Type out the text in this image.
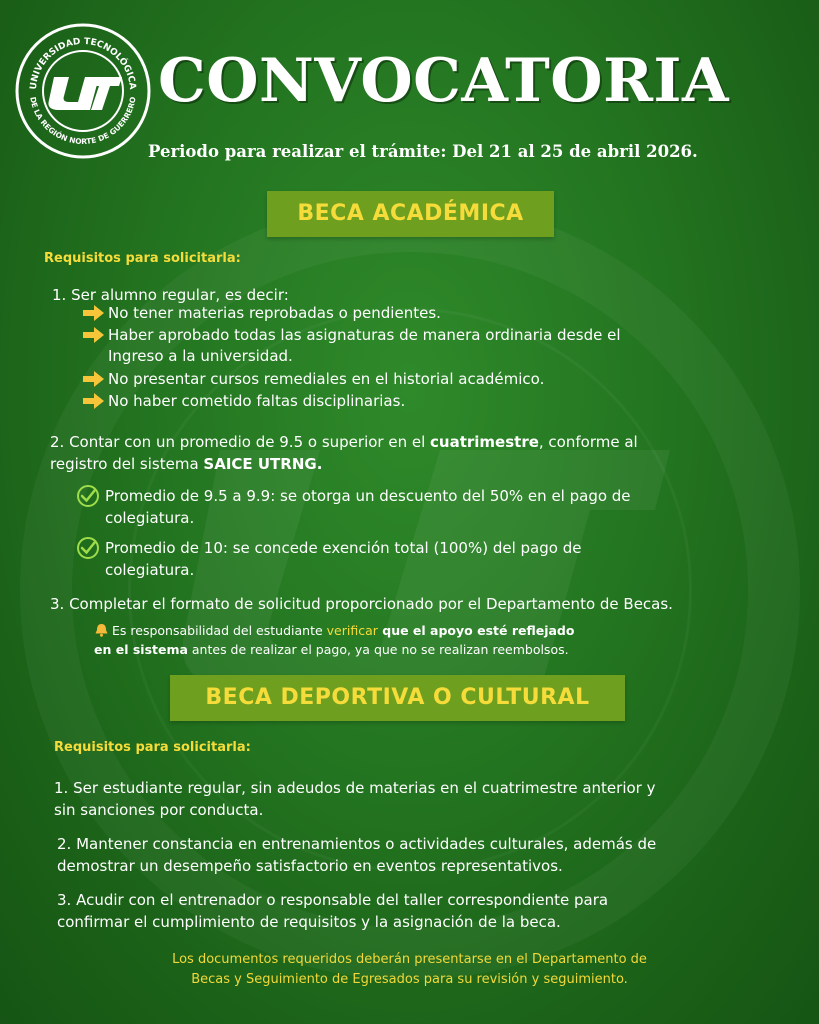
UNIVERSIDAD TECNOLÓGICA
DE LA REGIÓN NORTE DE GUERRERO CONVOCATORIA
Periodo para realizar el trámite: Del 21 al 25 de abril 2026.
BECA ACADÉMICA
Requisitos para solicitarla:
1. Ser alumno regular, es decir:
No tener materias reprobadas o pendientes.
Haber aprobado todas las asignaturas de manera ordinaria desde el
Ingreso a la universidad.
No presentar cursos remediales en el historial académico.
No haber cometido faltas disciplinarias.
2. Contar con un promedio de 9.5 o superior en el cuatrimestre, conforme al
registro del sistema SAICE UTRNG.
Promedio de 9.5 a 9.9: se otorga un descuento del 50% en el pago de
colegiatura.
Promedio de 10: se concede exención total (100%) del pago de
colegiatura.
3. Completar el formato de solicitud proporcionado por el Departamento de Becas.
Es responsabilidad del estudiante verificar que el apoyo esté reflejado
en el sistema antes de realizar el pago, ya que no se realizan reembolsos.
BECA DEPORTIVA O CULTURAL
Requisitos para solicitarla:
1. Ser estudiante regular, sin adeudos de materias en el cuatrimestre anterior y
sin sanciones por conducta.
2. Mantener constancia en entrenamientos o actividades culturales, además de
demostrar un desempeño satisfactorio en eventos representativos.
3. Acudir con el entrenador o responsable del taller correspondiente para
confirmar el cumplimiento de requisitos y la asignación de la beca.
Los documentos requeridos deberán presentarse en el Departamento de
Becas y Seguimiento de Egresados para su revisión y seguimiento.
